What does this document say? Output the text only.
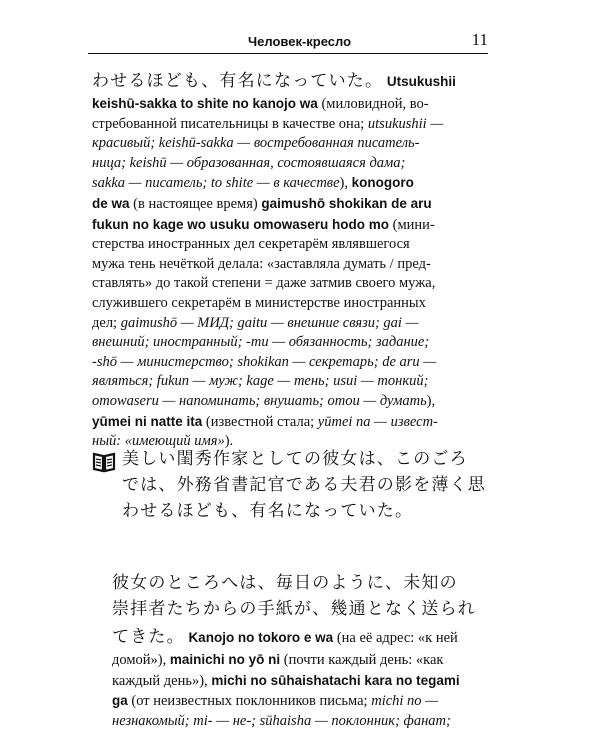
Человек-кресло	11
わせるほども、有名になっていた。 Utsukushii
keishū-sakka to shite no kanojo wa (миловидной, во-
стребованной писательницы в качестве она; utsukushii —
красивый; keishū-sakka — востребованная писатель-
ница; keishū — образованная, состоявшаяся дама;
sakka — писатель; to shite — в качестве), konogoro
de wa (в настоящее время) gaimushō shokikan de aru
fukun no kage wo usuku omowaseru hodo mo (мини-
стерства иностранных дел секретарём являвшегося
мужа тень нечёткой делала: «заставляла думать / пред-
ставлять» до такой степени = даже затмив своего мужа,
служившего секретарём в министерстве иностранных
дел; gaimushō — МИД; gaitu — внешние связи; gai —
внешний; иностранный; -mu — обязанность; задание;
-shō — министерство; shokikan — секретарь; de aru —
являться; fukun — муж; kage — тень; usui — тонкий;
omowaseru — напоминать; внушать; omou — думать),
yūmei ni natte ita (известной стала; yūmei na — извест-
ный: «имеющий имя»).
美しい閨秀作家としての彼女は、このごろ
では、外務省書記官である夫君の影を薄く思
わせるほども、有名になっていた。
彼女のところへは、毎日のように、未知の
崇拝者たちからの手紙が、幾通となく送られ
てきた。 Kanojo no tokoro e wa (на её адрес: «к ней
домой»), mainichi no yō ni (почти каждый день: «как
каждый день»), michi no sūhaishatachi kara no tegami
ga (от неизвестных поклонников письма; michi no —
незнакомый; mi- — не-; sūhaisha — поклонник; фанат;
